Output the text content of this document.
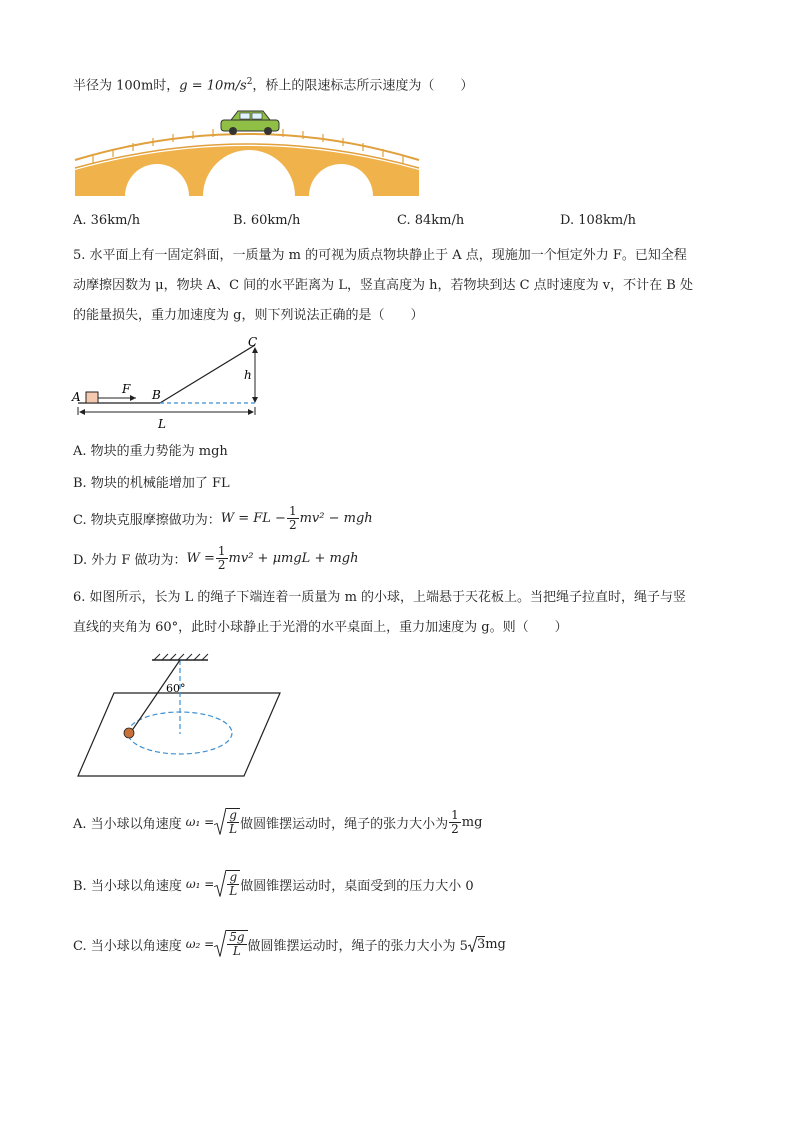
半径为 100m时，$g = 10m/s^2$，桥上的限速标志所示速度为（　　）
A. 36km/h	B. 60km/h	C. 84km/h	D. 108km/h
5. 水平面上有一固定斜面，一质量为 m 的可视为质点物块静止于 A 点，现施加一个恒定外力 F。已知全程
动摩擦因数为 μ，物块 A、C 间的水平距离为 L，竖直高度为 h，若物块到达 C 点时速度为 v，不计在 B 处
的能量损失，重力加速度为 g，则下列说法正确的是（　　）
A
F B
C
h
L
A. 物块的重力势能为 mgh
B. 物块的机械能增加了 FL
C. 物块克服摩擦做功为： W = FL − $\frac{1}{2} mv^2$ − mgh
D. 外力 F 做功为： $W = \frac{1}{2} mv^2 + \mu mgL$ + mgh
6. 如图所示，长为 L 的绳子下端连着一质量为 m 的小球，上端悬于天花板上。当把绳子拉直时，绳子与竖
直线的夹角为 60°，此时小球静止于光滑的水平桌面上，重力加速度为 g。则（　　）
60°
A. 当小球以角速度 $\omega_1 = \frac{g}{L}$ 做圆锥摆运动时，绳子的张力大小为 $\frac{1}{2}$ mg
B. 当小球以角速度 $\omega_1 = \frac{g}{L}$ 做圆锥摆运动时，桌面受到的压力大小 0
C. 当小球以角速度 $\omega_2 = \frac{5g}{L}$ 做圆锥摆运动时，绳子的张力大小为 5 3 mg
